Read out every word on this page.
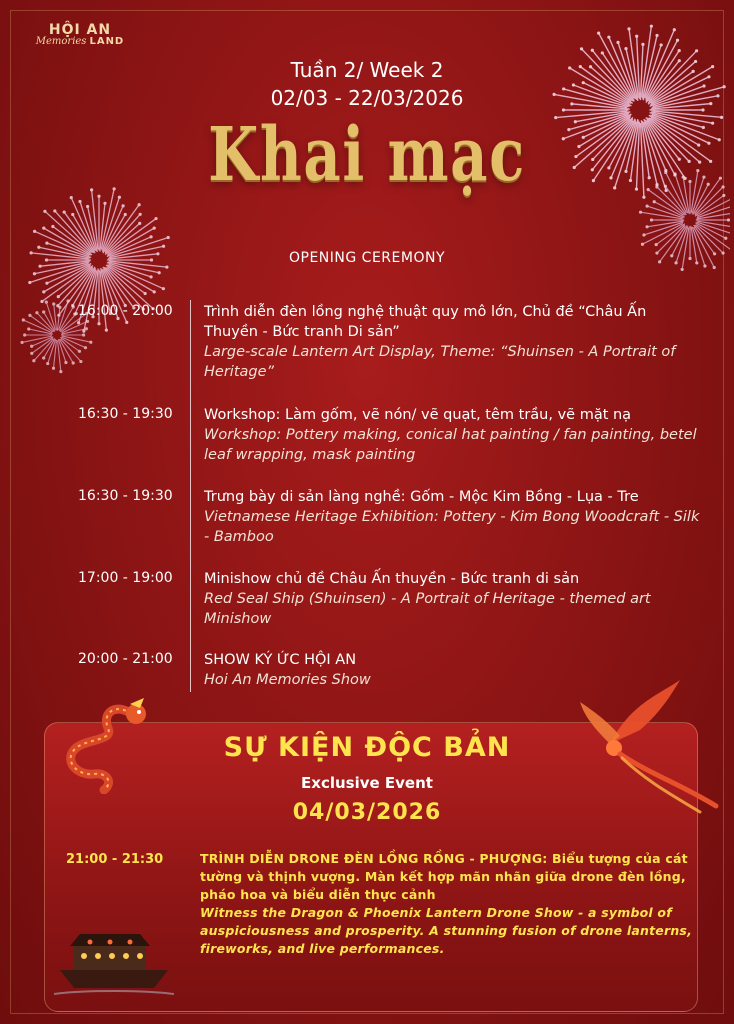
HỘI AN
Memories LAND
Tuần 2/ Week 2
02/03 - 22/03/2026
Khai mạc
OPENING CEREMONY
16:00 - 20:00	Trình diễn đèn lồng nghệ thuật quy mô lớn, Chủ đề “Châu Ấn Thuyền - Bức tranh Di sản”
Large-scale Lantern Art Display, Theme: “Shuinsen - A Portrait of Heritage”
16:30 - 19:30	Workshop: Làm gốm, vẽ nón/ vẽ quạt, têm trầu, vẽ mặt nạ
Workshop: Pottery making, conical hat painting / fan painting, betel leaf wrapping, mask painting
16:30 - 19:30	Trưng bày di sản làng nghề: Gốm - Mộc Kim Bồng - Lụa - Tre
Vietnamese Heritage Exhibition: Pottery - Kim Bong Woodcraft - Silk - Bamboo
17:00 - 19:00	Minishow chủ đề Châu Ấn thuyền - Bức tranh di sản
Red Seal Ship (Shuinsen) - A Portrait of Heritage - themed art Minishow
20:00 - 21:00	SHOW KÝ ỨC HỘI AN
Hoi An Memories Show
SỰ KIỆN ĐỘC BẢN
Exclusive Event
04/03/2026
21:00 - 21:30	TRÌNH DIỄN DRONE ĐÈN LỒNG RỒNG - PHƯỢNG: Biểu tượng của cát tường và thịnh vượng. Màn kết hợp mãn nhãn giữa drone đèn lồng, pháo hoa và biểu diễn thực cảnh
Witness the Dragon & Phoenix Lantern Drone Show - a symbol of auspiciousness and prosperity. A stunning fusion of drone lanterns, fireworks, and live performances.
